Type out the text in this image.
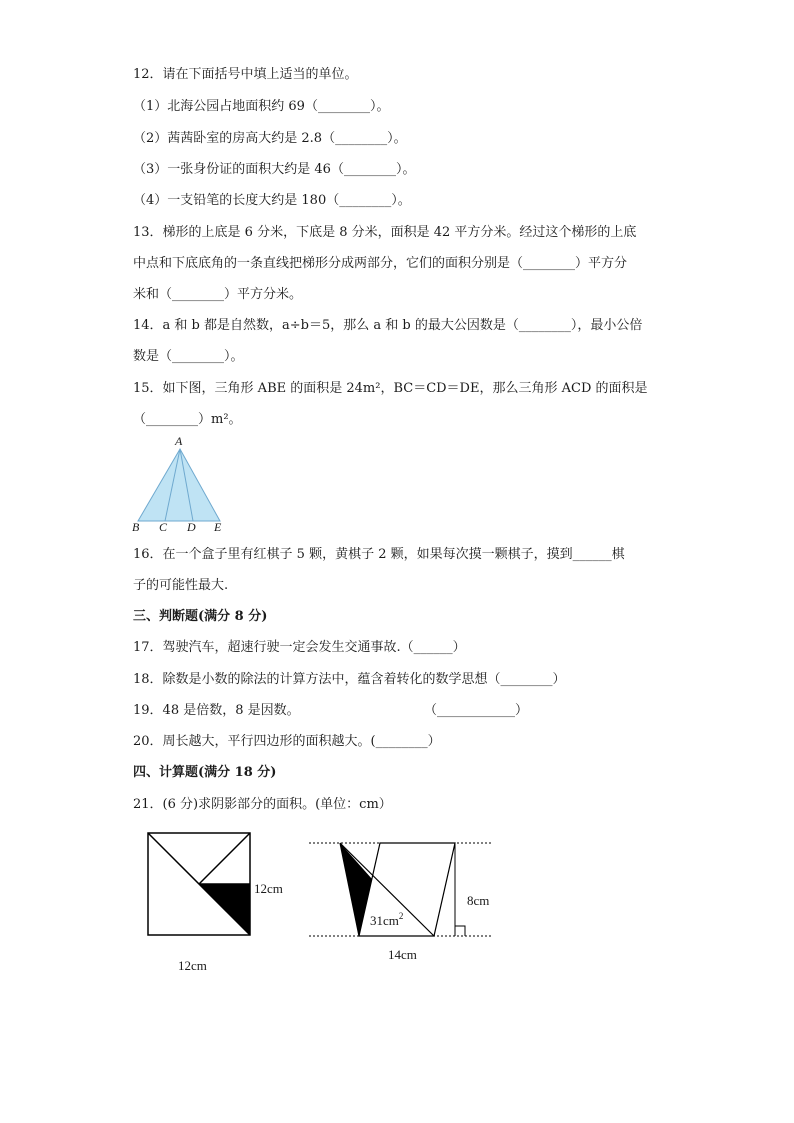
12．请在下面括号中填上适当的单位。
（1）北海公园占地面积约 69（________）。
（2）茜茜卧室的房高大约是 2.8（________）。
（3）一张身份证的面积大约是 46（________）。
（4）一支铅笔的长度大约是 180（________）。
13．梯形的上底是 6 分米，下底是 8 分米，面积是 42 平方分米。经过这个梯形的上底
中点和下底底角的一条直线把梯形分成两部分，它们的面积分别是（________）平方分
米和（________）平方分米。
14．a 和 b 都是自然数，a÷b＝5，那么 a 和 b 的最大公因数是（________），最小公倍
数是（________）。
15．如下图，三角形 ABE 的面积是 24m²，BC＝CD＝DE，那么三角形 ACD 的面积是
（________）m²。
A
B C D E
16．在一个盒子里有红棋子 5 颗，黄棋子 2 颗，如果每次摸一颗棋子，摸到______棋
子的可能性最大.
三、判断题(满分 8 分)
17．驾驶汽车，超速行驶一定会发生交通事故.（______）
18．除数是小数的除法的计算方法中，蕴含着转化的数学思想（________）
19．48 是倍数，8 是因数。	（____________）
20．周长越大，平行四边形的面积越大。(________）
四、计算题(满分 18 分)
21．(6 分)求阴影部分的面积。(单位：cm）
12cm
12cm
$31cm^2$
8cm
14cm
